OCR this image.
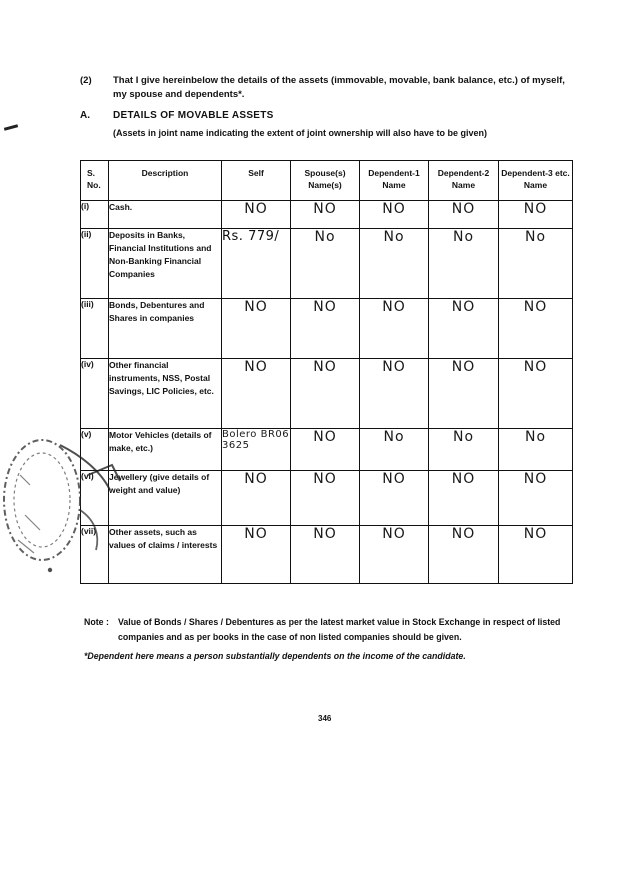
(2) That I give hereinbelow the details of the assets (immovable, movable, bank balance, etc.) of myself, my spouse and dependents*.
A. DETAILS OF MOVABLE ASSETS
(Assets in joint name indicating the extent of joint ownership will also have to be given)
S. No.	Description	Self	Spouse(s) Name(s)	Dependent-1 Name	Dependent-2 Name	Dependent-3 etc. Name
(i)	Cash.	NO	NO	NO	NO	NO
(ii)	Deposits in Banks, Financial Institutions and Non-Banking Financial Companies	Rs. 779/	No	No	No	No
(iii)	Bonds, Debentures and Shares in companies	NO	NO	NO	NO	NO
(iv)	Other financial instruments, NSS, Postal Savings, LIC Policies, etc.	NO	NO	NO	NO	NO
(v)	Motor Vehicles (details of make, etc.)	Bolero BR06 3625	NO	No	No	No
(vi)	Jewellery (give details of weight and value)	NO	NO	NO	NO	NO
(vii)	Other assets, such as values of claims / interests	NO	NO	NO	NO	NO
Note : Value of Bonds / Shares / Debentures as per the latest market value in Stock Exchange in respect of listed companies and as per books in the case of non listed companies should be given.
*Dependent here means a person substantially dependents on the income of the candidate.
346
